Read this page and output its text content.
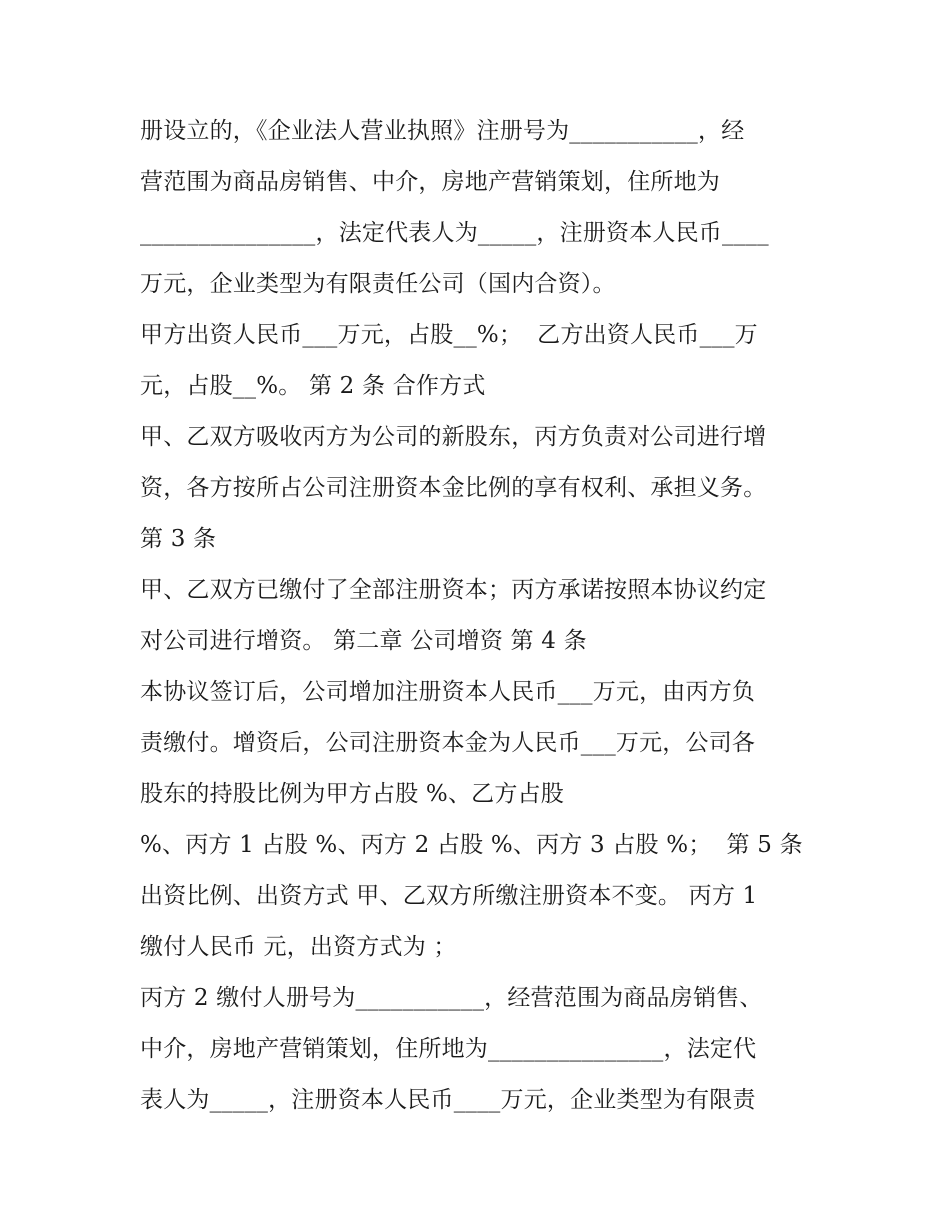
册设立的，《企业法人营业执照》注册号为___________，经
营范围为商品房销售、中介，房地产营销策划，住所地为
_______________，法定代表人为_____，注册资本人民币____
万元，企业类型为有限责任公司（国内合资）。
甲方出资人民币___万元，占股__%；  乙方出资人民币___万
元，占股__%。 第 2 条 合作方式
甲、乙双方吸收丙方为公司的新股东，丙方负责对公司进行增
资，各方按所占公司注册资本金比例的享有权利、承担义务。
第 3 条
甲、乙双方已缴付了全部注册资本；丙方承诺按照本协议约定
对公司进行增资。 第二章 公司增资 第 4 条
本协议签订后，公司增加注册资本人民币___万元，由丙方负
责缴付。增资后，公司注册资本金为人民币___万元，公司各
股东的持股比例为甲方占股 %、乙方占股
%、丙方 1 占股 %、丙方 2 占股 %、丙方 3 占股 %；  第 5 条
出资比例、出资方式 甲、乙双方所缴注册资本不变。 丙方 1
缴付人民币 元，出资方式为 ；
丙方 2 缴付人册号为___________，经营范围为商品房销售、
中介，房地产营销策划，住所地为_______________，法定代
表人为_____，注册资本人民币____万元，企业类型为有限责
